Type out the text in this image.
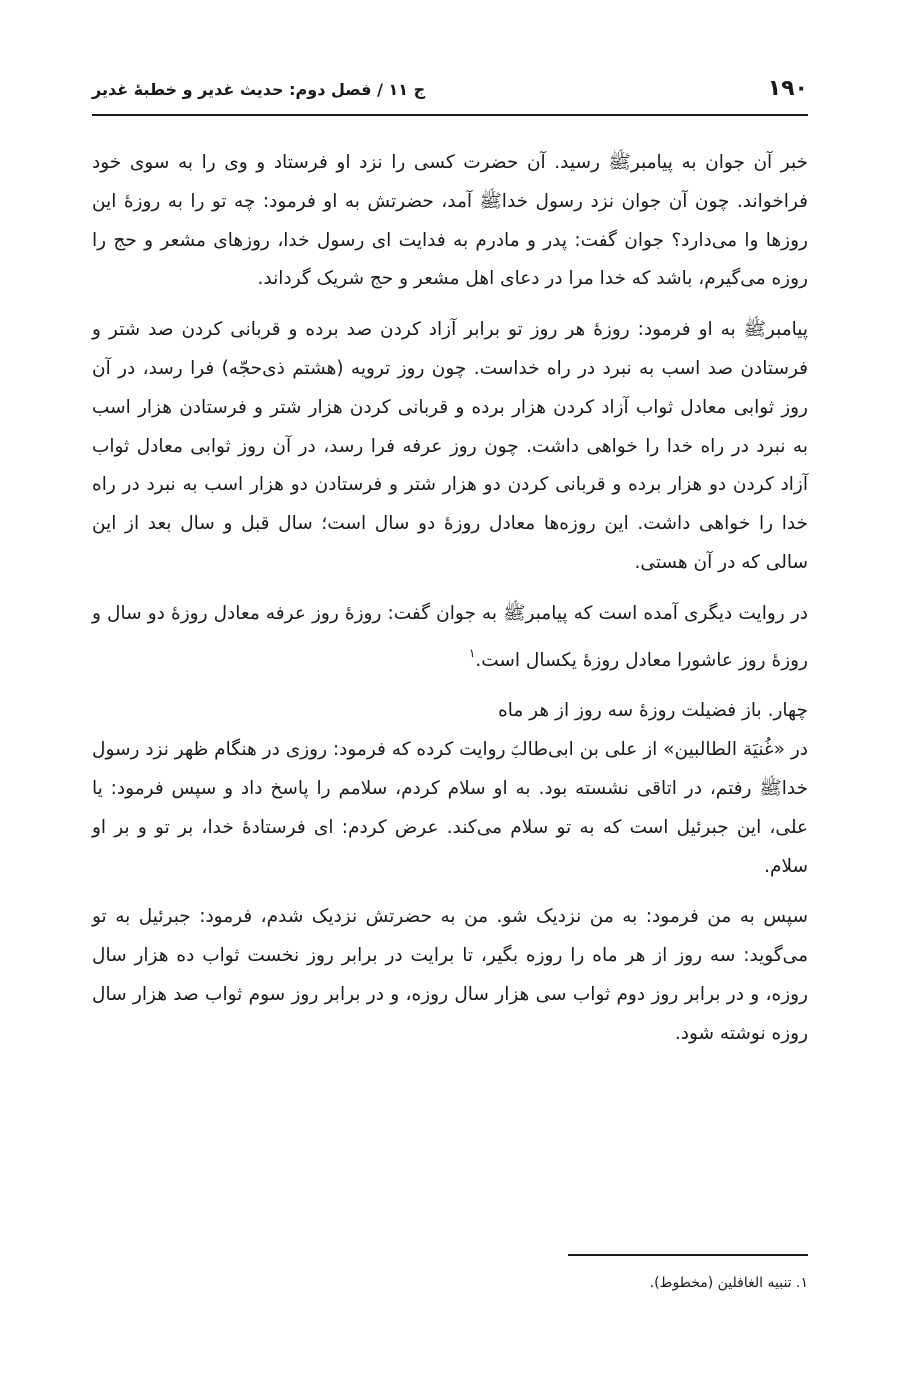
۱۹۰
ج ۱۱ / فصل دوم: حدیث غدیر و خطبۀ غدیر

خبر آن جوان به پیامبرﷺ رسید. آن حضرت کسی را نزد او فرستاد و وی را به سوی خود فراخواند. چون آن جوان نزد رسول خداﷺ آمد، حضرتش به او فرمود: چه تو را به روزۀ این روزها وا می‌دارد؟ جوان گفت: پدر و مادرم به فدایت ای رسول خدا، روزهای مشعر و حج را روزه می‌گیرم، باشد که خدا مرا در دعای اهل مشعر و حج شریک گرداند.

پیامبرﷺ به او فرمود: روزۀ هر روز تو برابر آزاد کردن صد برده و قربانی کردن صد شتر و فرستادن صد اسب به نبرد در راه خداست. چون روز ترویه (هشتم ذی‌حجّه) فرا رسد، در آن روز ثوابی معادل ثواب آزاد کردن هزار برده و قربانی کردن هزار شتر و فرستادن هزار اسب به نبرد در راه خدا را خواهی داشت. چون روز عرفه فرا رسد، در آن روز ثوابی معادل ثواب آزاد کردن دو هزار برده و قربانی کردن دو هزار شتر و فرستادن دو هزار اسب به نبرد در راه خدا را خواهی داشت. این روزه‌ها معادل روزۀ دو سال است؛ سال قبل و سال بعد از این سالی که در آن هستی.

در روایت دیگری آمده است که پیامبرﷺ به جوان گفت: روزۀ روز عرفه معادل روزۀ دو سال و روزۀ روز عاشورا معادل روزۀ یکسال است.$^۱$

چهار. باز فضیلت روزۀ سه روز از هر ماه

در «غُنیَة الطالبین» از علی بن ابی‌طالبؑ روایت کرده که فرمود: روزی در هنگام ظهر نزد رسول خداﷺ رفتم، در اتاقی نشسته بود. به او سلام کردم، سلامم را پاسخ داد و سپس فرمود: یا علی، این جبرئیل است که به تو سلام می‌کند. عرض کردم: ای فرستادۀ خدا، بر تو و بر او سلام.

سپس به من فرمود: به من نزدیک شو. من به حضرتش نزدیک شدم، فرمود: جبرئیل به تو می‌گوید: سه روز از هر ماه را روزه بگیر، تا برایت در برابر روز نخست ثواب ده هزار سال روزه، و در برابر روز دوم ثواب سی هزار سال روزه، و در برابر روز سوم ثواب صد هزار سال روزه نوشته شود.

۱. تنبیه الغافلین (مخطوط).
